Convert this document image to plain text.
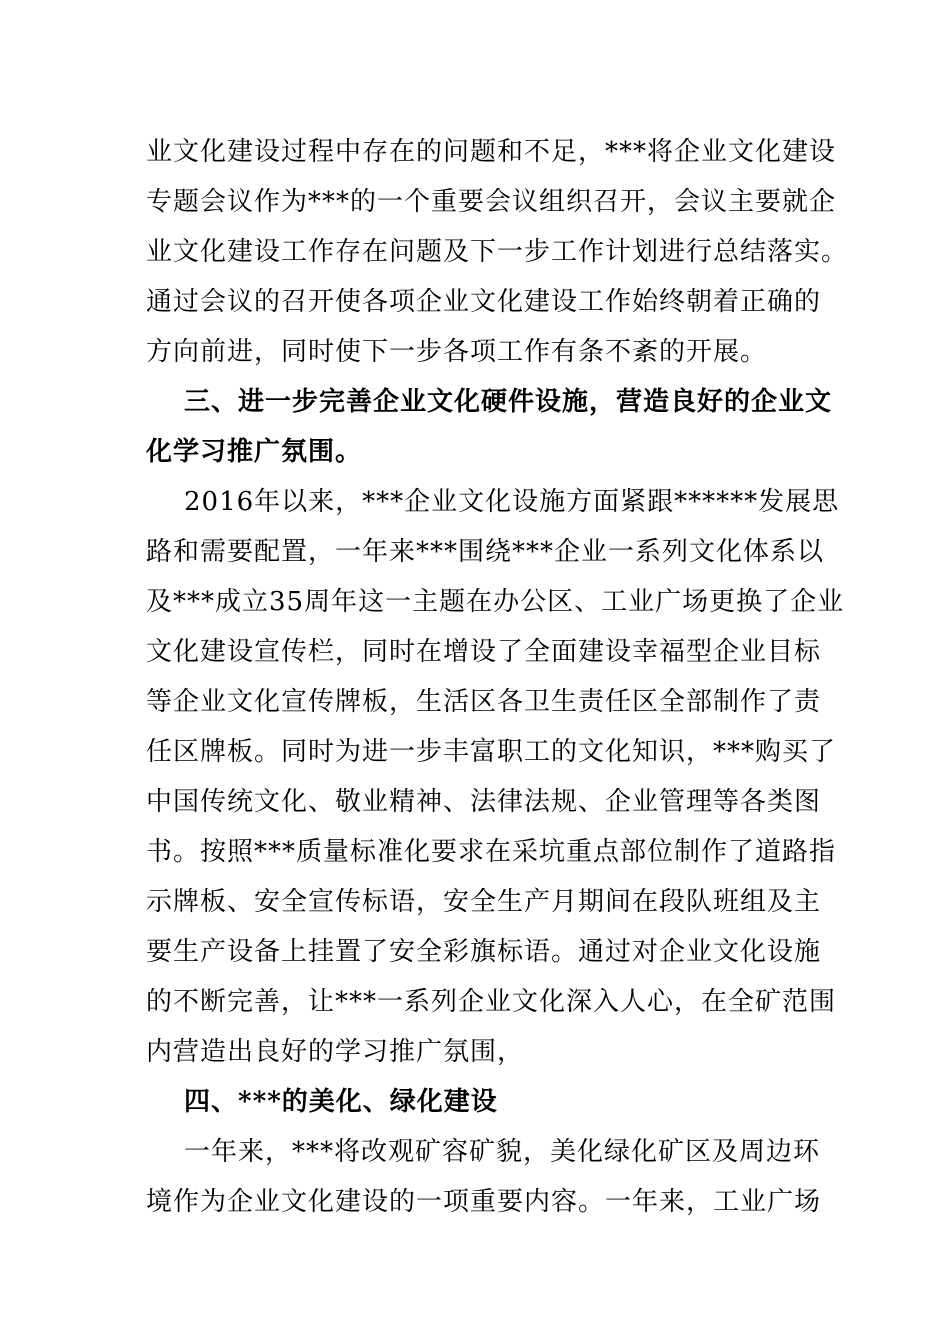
业文化建设过程中存在的问题和不足，***将企业文化建设
专题会议作为***的一个重要会议组织召开，会议主要就企
业文化建设工作存在问题及下一步工作计划进行总结落实。
通过会议的召开使各项企业文化建设工作始终朝着正确的
方向前进，同时使下一步各项工作有条不紊的开展。
三、进一步完善企业文化硬件设施，营造良好的企业文
化学习推广氛围。
2016年以来，***企业文化设施方面紧跟******发展思
路和需要配置，一年来***围绕***企业一系列文化体系以
及***成立35周年这一主题在办公区、工业广场更换了企业
文化建设宣传栏，同时在增设了全面建设幸福型企业目标
等企业文化宣传牌板，生活区各卫生责任区全部制作了责
任区牌板。同时为进一步丰富职工的文化知识，***购买了
中国传统文化、敬业精神、法律法规、企业管理等各类图
书。按照***质量标准化要求在采坑重点部位制作了道路指
示牌板、安全宣传标语，安全生产月期间在段队班组及主
要生产设备上挂置了安全彩旗标语。通过对企业文化设施
的不断完善，让***一系列企业文化深入人心，在全矿范围
内营造出良好的学习推广氛围，
四、***的美化、绿化建设
一年来，***将改观矿容矿貌，美化绿化矿区及周边环
境作为企业文化建设的一项重要内容。一年来，工业广场
